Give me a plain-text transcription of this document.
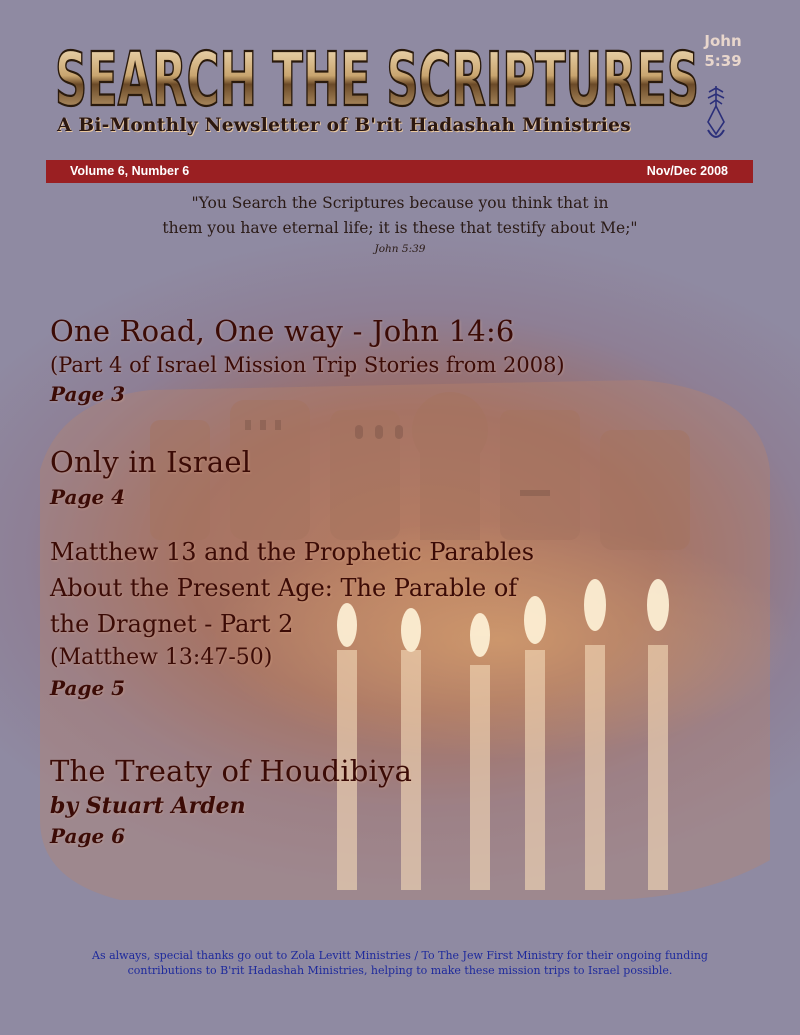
SEARCH THE SCRIPTURES
A Bi-Monthly Newsletter of B'rit Hadashah Ministries
John
5:39
Volume 6, Number 6	Nov/Dec 2008
"You Search the Scriptures because you think that in
them you have eternal life; it is these that testify about Me;"
John 5:39
One Road, One way - John 14:6
(Part 4 of Israel Mission Trip Stories from 2008)
Page 3
Only in Israel
Page 4
Matthew 13 and the Prophetic Parables
About the Present Age: The Parable of
the Dragnet - Part 2
(Matthew 13:47-50)
Page 5
The Treaty of Houdibiya
by Stuart Arden
Page 6
As always, special thanks go out to Zola Levitt Ministries / To The Jew First Ministry for their ongoing funding
contributions to B'rit Hadashah Ministries, helping to make these mission trips to Israel possible.
